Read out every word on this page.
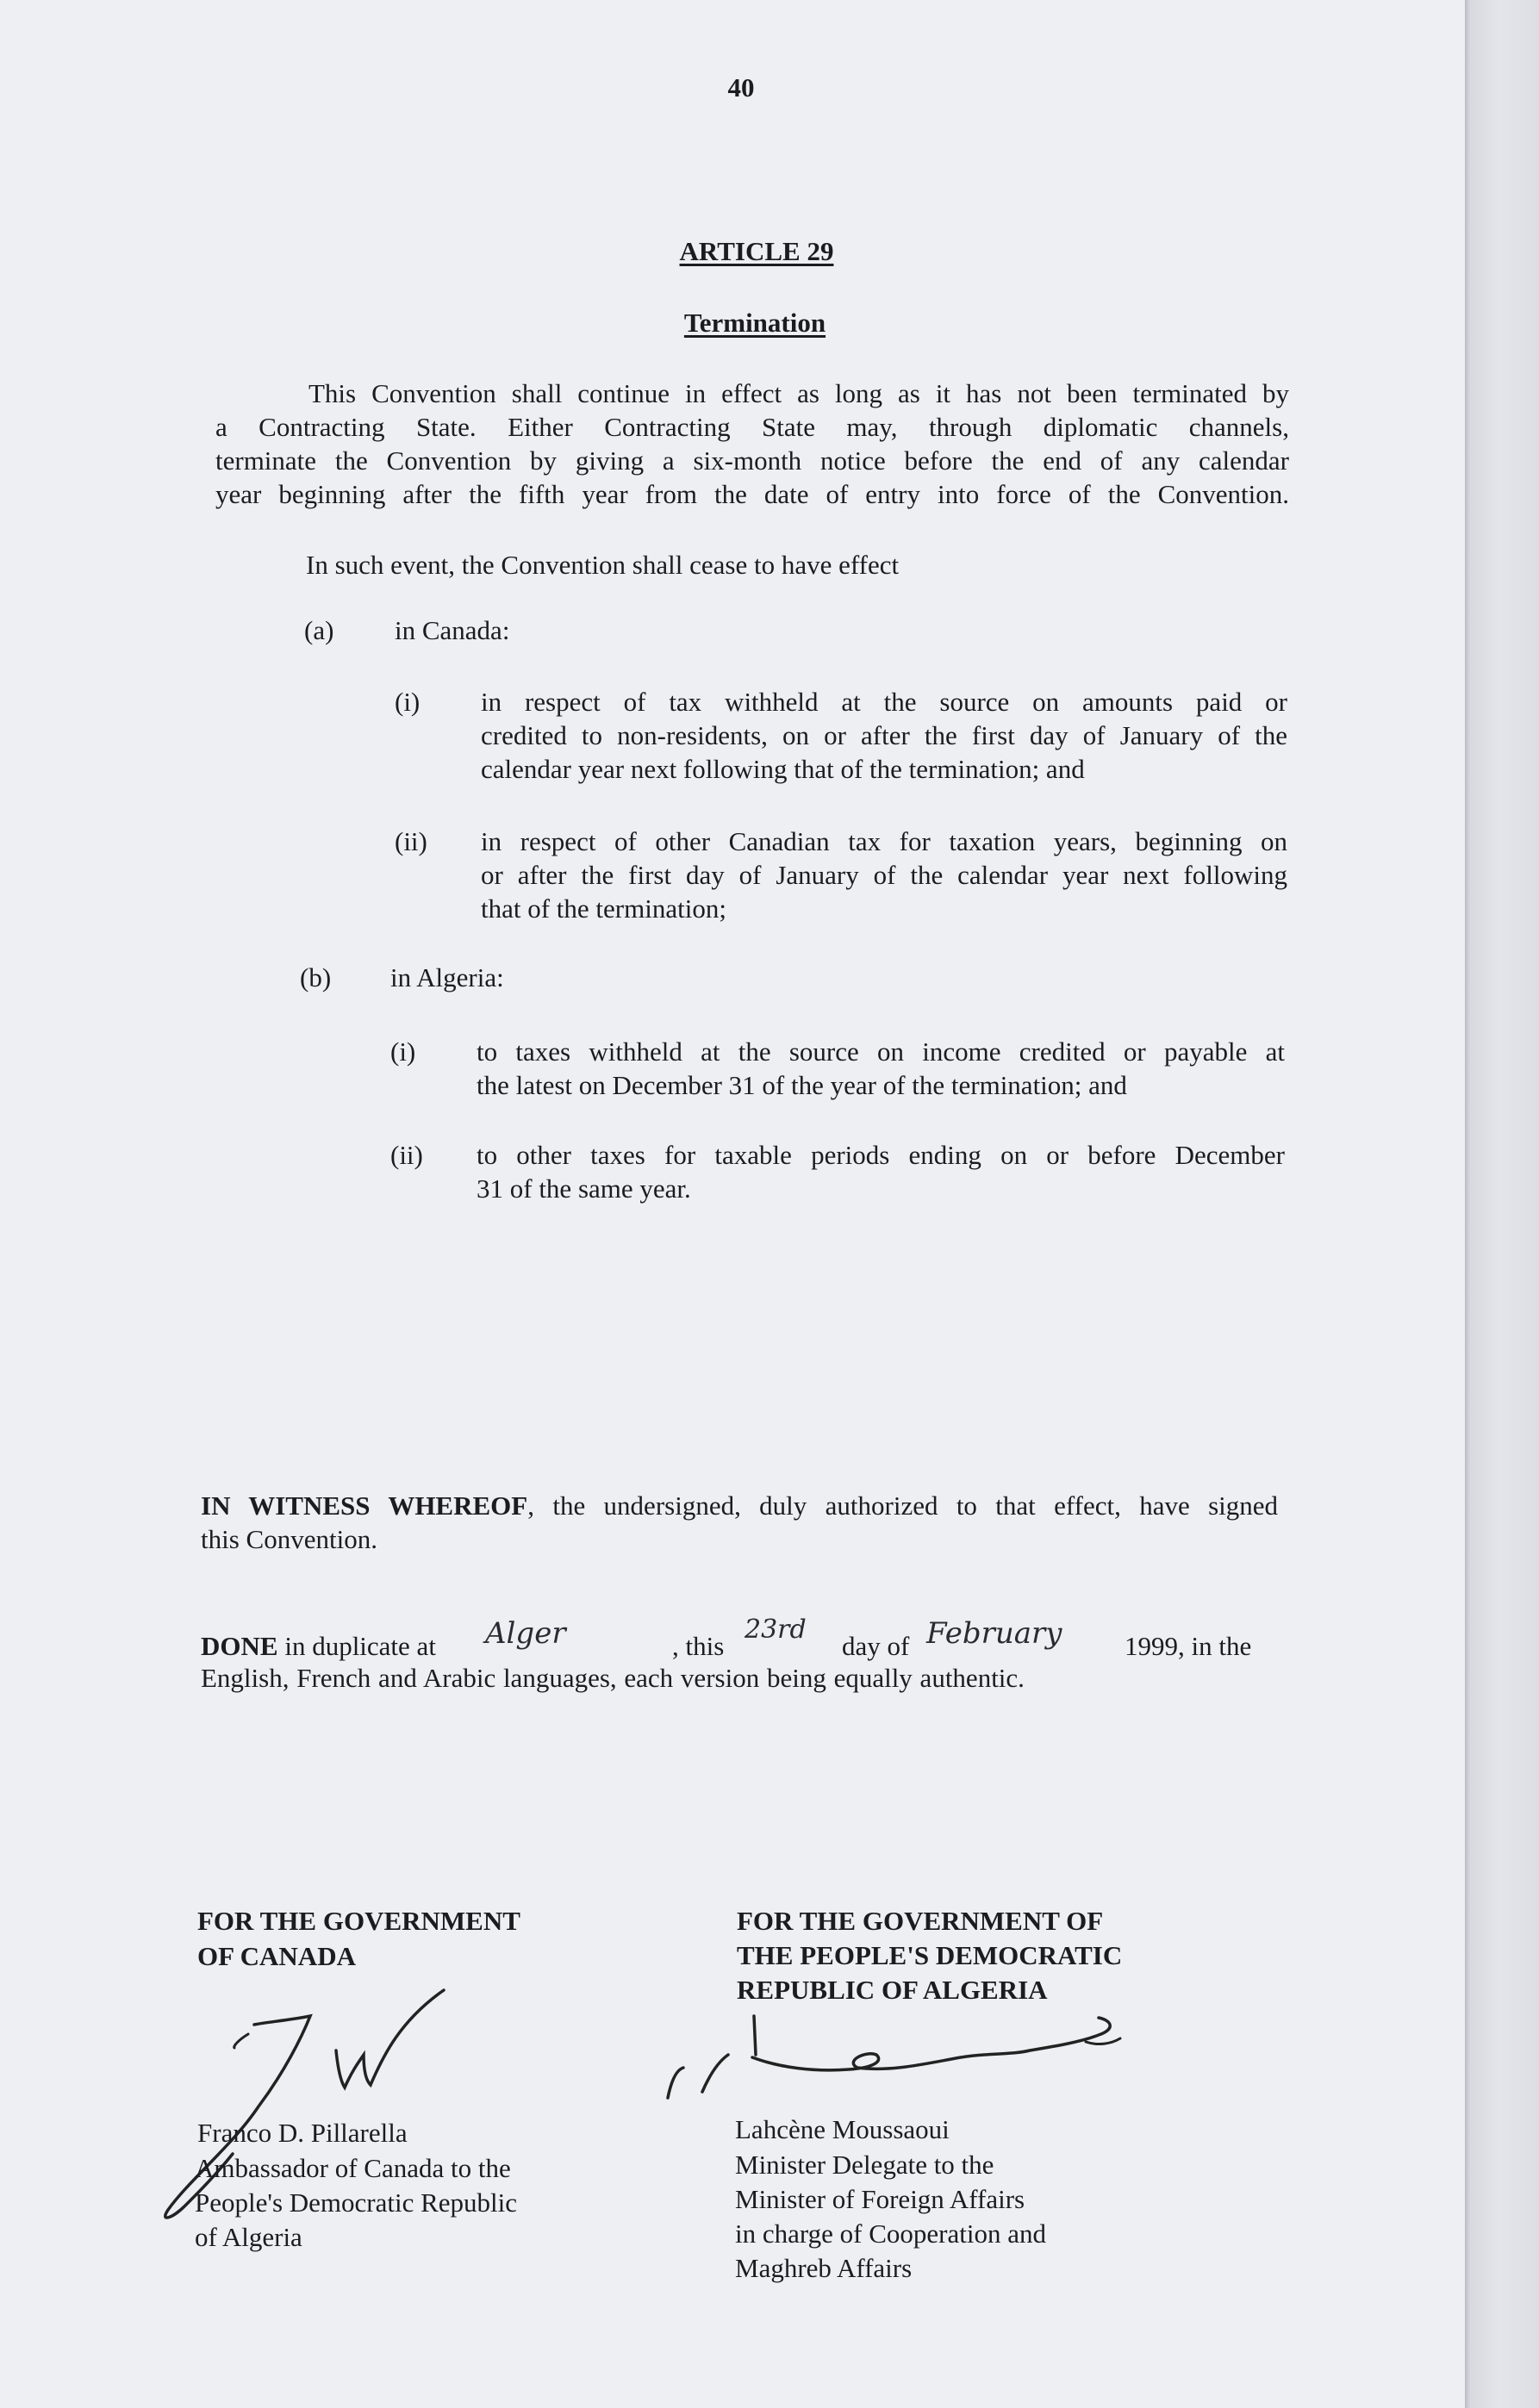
40
ARTICLE 29
Termination
This Convention shall continue in effect as long as it has not been terminated by
a Contracting State. Either Contracting State may, through diplomatic channels,
terminate the Convention by giving a six-month notice before the end of any calendar
year beginning after the fifth year from the date of entry into force of the Convention.
In such event, the Convention shall cease to have effect
(a) in Canada:
(i) in respect of tax withheld at the source on amounts paid or
credited to non-residents, on or after the first day of January of the
calendar year next following that of the termination; and
(ii) in respect of other Canadian tax for taxation years, beginning on
or after the first day of January of the calendar year next following
that of the termination;
(b) in Algeria:
(i) to taxes withheld at the source on income credited or payable at
the latest on December 31 of the year of the termination; and
(ii) to other taxes for taxable periods ending on or before December
31 of the same year.
IN WITNESS WHEREOF, the undersigned, duly authorized to that effect, have signed
this Convention.
DONE in duplicate at Alger	, this
23rd
day of February 1999, in the
English, French and Arabic languages, each version being equally authentic.
FOR THE GOVERNMENT
OF CANADA
Franco D. Pillarella
Ambassador of Canada to the
People's Democratic Republic
of Algeria
FOR THE GOVERNMENT OF
THE PEOPLE'S DEMOCRATIC
REPUBLIC OF ALGERIA
Lahcène Moussaoui
Minister Delegate to the
Minister of Foreign Affairs
in charge of Cooperation and
Maghreb Affairs
